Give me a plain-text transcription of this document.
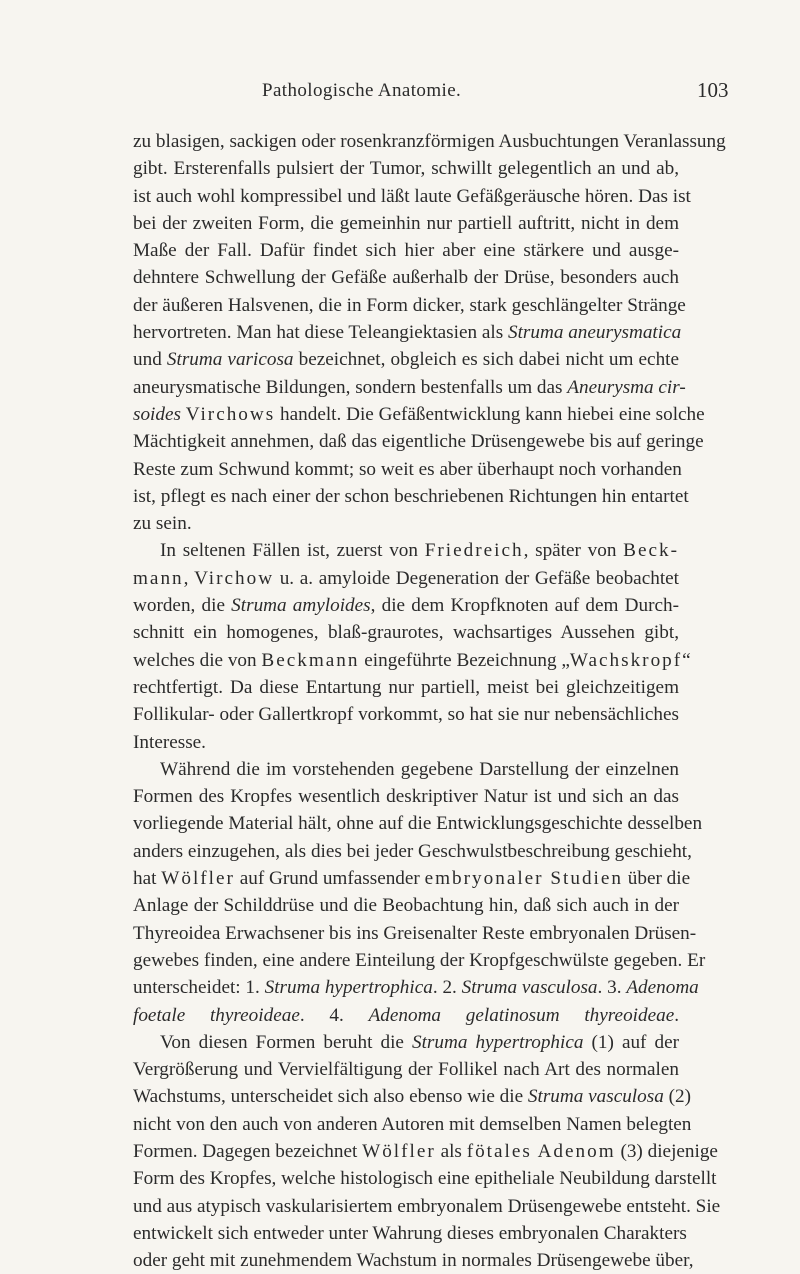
Pathologische Anatomie.	103
zu blasigen, sackigen oder rosenkranzförmigen Ausbuchtungen Veranlassung
gibt. Ersterenfalls pulsiert der Tumor, schwillt gelegentlich an und ab,
ist auch wohl kompressibel und läßt laute Gefäßgeräusche hören. Das ist
bei der zweiten Form, die gemeinhin nur partiell auftritt, nicht in dem
Maße der Fall. Dafür findet sich hier aber eine stärkere und ausge-
dehntere Schwellung der Gefäße außerhalb der Drüse, besonders auch
der äußeren Halsvenen, die in Form dicker, stark geschlängelter Stränge
hervortreten. Man hat diese Teleangiektasien als Struma aneurysmatica
und Struma varicosa bezeichnet, obgleich es sich dabei nicht um echte
aneurysmatische Bildungen, sondern bestenfalls um das Aneurysma cir-
soides Virchows handelt. Die Gefäßentwicklung kann hiebei eine solche
Mächtigkeit annehmen, daß das eigentliche Drüsengewebe bis auf geringe
Reste zum Schwund kommt; so weit es aber überhaupt noch vorhanden
ist, pflegt es nach einer der schon beschriebenen Richtungen hin entartet
zu sein.
In seltenen Fällen ist, zuerst von Friedreich, später von Beck-
mann, Virchow u. a. amyloide Degeneration der Gefäße beobachtet
worden, die Struma amyloides, die dem Kropfknoten auf dem Durch-
schnitt ein homogenes, blaß-graurotes, wachsartiges Aussehen gibt,
welches die von Beckmann eingeführte Bezeichnung „Wachskropf“
rechtfertigt. Da diese Entartung nur partiell, meist bei gleichzeitigem
Follikular- oder Gallertkropf vorkommt, so hat sie nur nebensächliches
Interesse.
Während die im vorstehenden gegebene Darstellung der einzelnen
Formen des Kropfes wesentlich deskriptiver Natur ist und sich an das
vorliegende Material hält, ohne auf die Entwicklungsgeschichte desselben
anders einzugehen, als dies bei jeder Geschwulstbeschreibung geschieht,
hat Wölfler auf Grund umfassender embryonaler Studien über die
Anlage der Schilddrüse und die Beobachtung hin, daß sich auch in der
Thyreoidea Erwachsener bis ins Greisenalter Reste embryonalen Drüsen-
gewebes finden, eine andere Einteilung der Kropfgeschwülste gegeben. Er
unterscheidet: 1. Struma hypertrophica. 2. Struma vasculosa. 3. Adenoma
foetale thyreoideae. 4. Adenoma gelatinosum thyreoideae.
Von diesen Formen beruht die Struma hypertrophica (1) auf der
Vergrößerung und Vervielfältigung der Follikel nach Art des normalen
Wachstums, unterscheidet sich also ebenso wie die Struma vasculosa (2)
nicht von den auch von anderen Autoren mit demselben Namen belegten
Formen. Dagegen bezeichnet Wölfler als fötales Adenom (3) diejenige
Form des Kropfes, welche histologisch eine epitheliale Neubildung darstellt
und aus atypisch vaskularisiertem embryonalem Drüsengewebe entsteht. Sie
entwickelt sich entweder unter Wahrung dieses embryonalen Charakters
oder geht mit zunehmendem Wachstum in normales Drüsengewebe über,
